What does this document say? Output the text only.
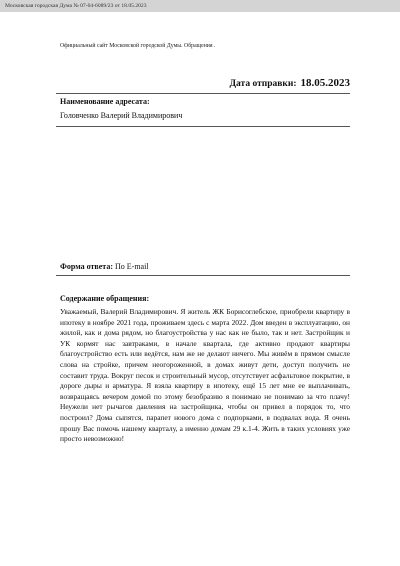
Московская городская Дума № 07-04-6089/23 от 18.05.2023
Официальный сайт Московской городской Думы. Обращения .
Дата отправки: 18.05.2023
Наименование адресата:
Головченко Валерий Владимирович
Форма ответа: По E-mail
Содержание обращения:

Уважаемый, Валерий Владимирович. Я житель ЖК Борисоглебское, приобрели квартиру в ипотеку в ноябре 2021 года, проживаем здесь с марта 2022. Дом введен в эксплуатацию, он жилой, как и дома рядом, но благоустройства у нас как не было, так и нет. Застройщик и УК кормят нас завтраками, в начале квартала, где активно продают квартиры благоустройство есть или ведётся, нам же не делают ничего. Мы живём в прямом смысле слова на стройке, причем неогороженной, в домах живут дети, доступ получить не составит труда. Вокруг песок и строительный мусор, отсутствует асфальтовое покрытие, в дороге дыры и арматура. Я взяла квартиру в ипотеку, ещё 15 лет мне ее выплачивать, возвращаясь вечером домой по этому безобразию я понимаю не понимаю за что плачу! Неужели нет рычагов давления на застройщика, чтобы он привел в порядок то, что построил? Дома сыпятся, парапет нового дома с подпорками, в подвалах вода. Я очень прошу Вас помочь нашему кварталу, а именно домам 29 к.1-4. Жить в таких условиях уже просто невозможно!
